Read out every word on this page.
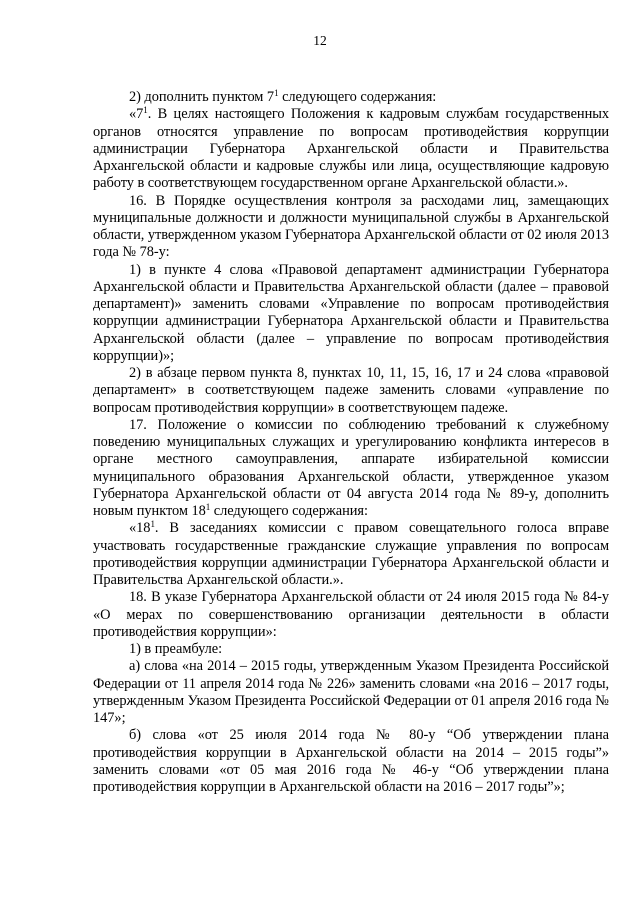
12

2) дополнить пунктом $7^1$ следующего содержания:

«$7^1$. В целях настоящего Положения к кадровым службам государственных органов относятся управление по вопросам противодействия коррупции администрации Губернатора Архангельской области и Правительства Архангельской области и кадровые службы или лица, осуществляющие кадровую работу в соответствующем государственном органе Архангельской области.».

16. В Порядке осуществления контроля за расходами лиц, замещающих муниципальные должности и должности муниципальной службы в Архангельской области, утвержденном указом Губернатора Архангельской области от 02 июля 2013 года № 78-у:

1) в пункте 4 слова «Правовой департамент администрации Губернатора Архангельской области и Правительства Архангельской области (далее – правовой департамент)» заменить словами «Управление по вопросам противодействия коррупции администрации Губернатора Архангельской области и Правительства Архангельской области (далее – управление по вопросам противодействия коррупции)»;

2) в абзаце первом пункта 8, пунктах 10, 11, 15, 16, 17 и 24 слова «правовой департамент» в соответствующем падеже заменить словами «управление по вопросам противодействия коррупции» в соответствующем падеже.

17. Положение о комиссии по соблюдению требований к служебному поведению муниципальных служащих и урегулированию конфликта интересов в органе местного самоуправления, аппарате избирательной комиссии муниципального образования Архангельской области, утвержденное указом Губернатора Архангельской области от 04 августа 2014 года № 89-у, дополнить новым пунктом $18^1$ следующего содержания:

«$18^1$. В заседаниях комиссии с правом совещательного голоса вправе участвовать государственные гражданские служащие управления по вопросам противодействия коррупции администрации Губернатора Архангельской области и Правительства Архангельской области.».

18. В указе Губернатора Архангельской области от 24 июля 2015 года № 84-у «О мерах по совершенствованию организации деятельности в области противодействия коррупции»:

1) в преамбуле:

а) слова «на 2014 – 2015 годы, утвержденным Указом Президента Российской Федерации от 11 апреля 2014 года № 226» заменить словами «на 2016 – 2017 годы, утвержденным Указом Президента Российской Федерации от 01 апреля 2016 года № 147»;

б) слова «от 25 июля 2014 года № 80-у “Об утверждении плана противодействия коррупции в Архангельской области на 2014 – 2015 годы”» заменить словами «от 05 мая 2016 года № 46-у “Об утверждении плана противодействия коррупции в Архангельской области на 2016 – 2017 годы”»;
